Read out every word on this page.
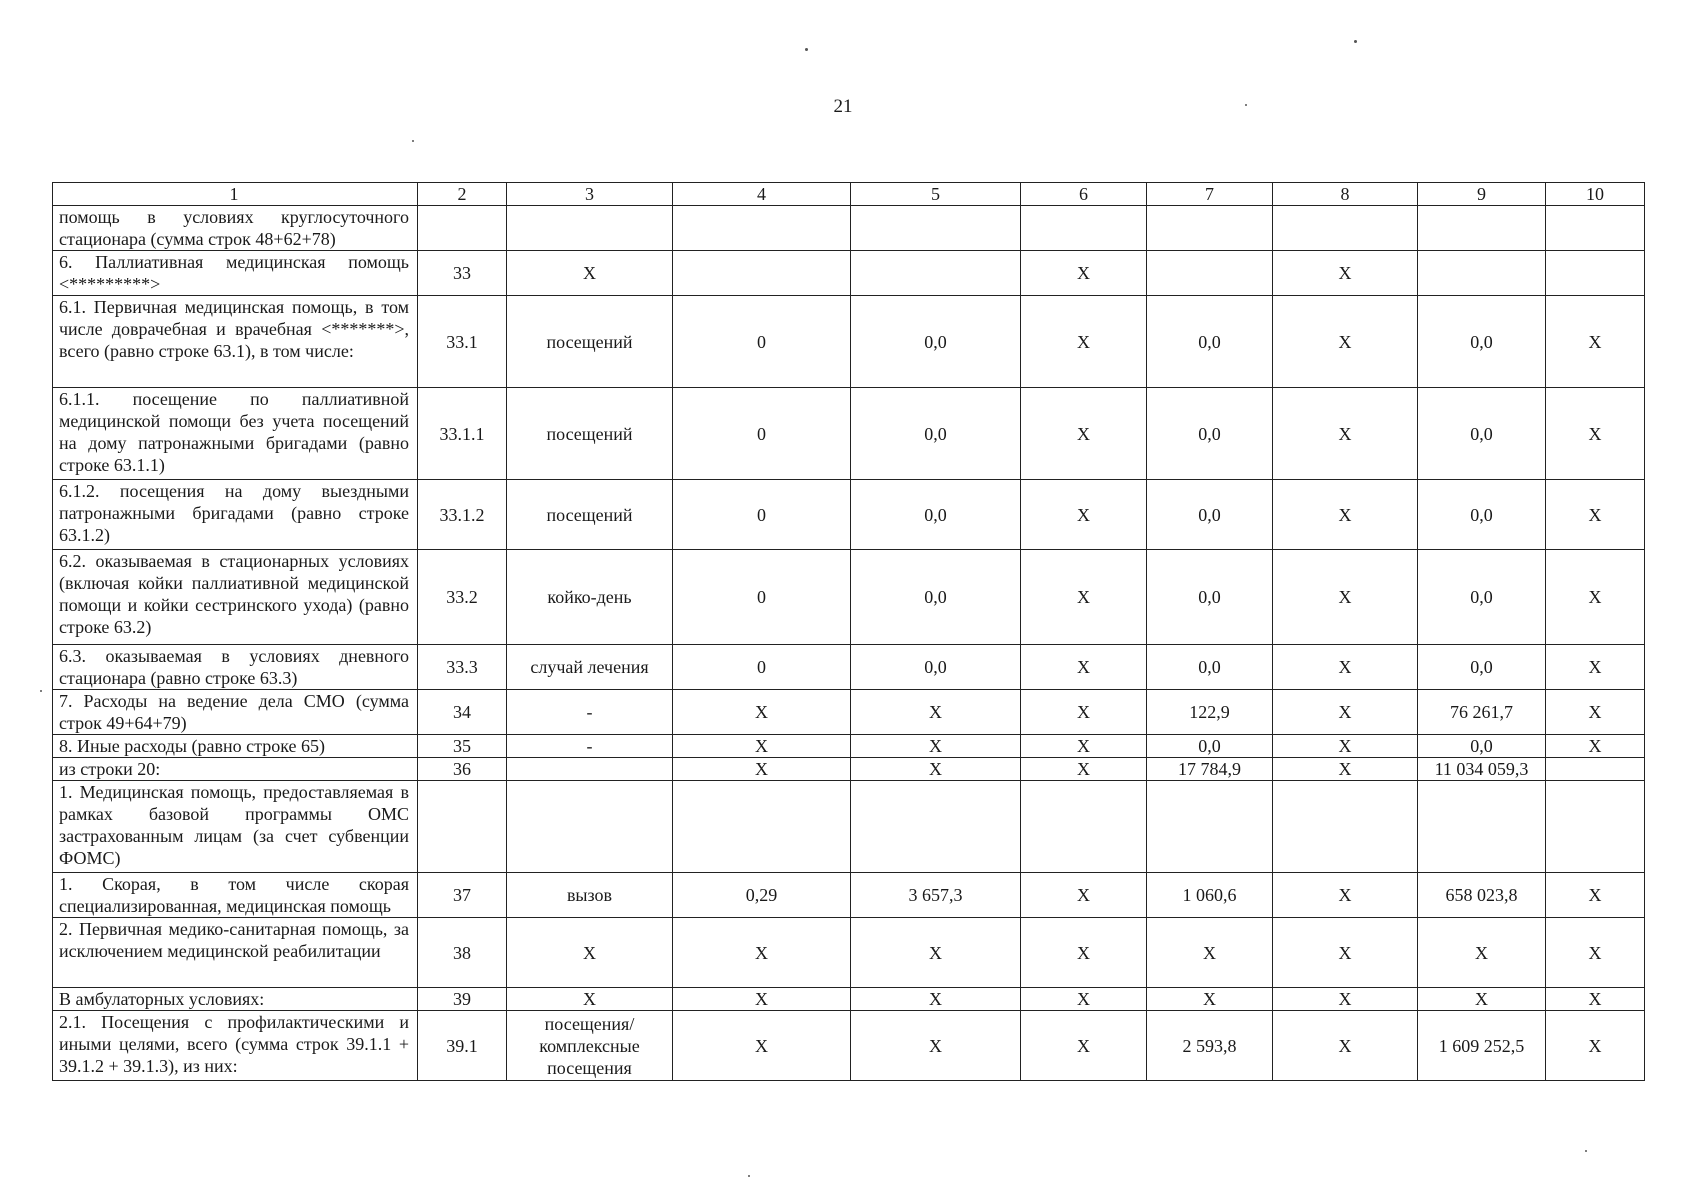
21
1	2	3	4	5	6	7	8	9	10
помощь в условиях круглосуточного стационара (сумма строк 48+62+78)									
6. Паллиативная медицинская помощь <*********>	33	Х			Х		Х		
6.1. Первичная медицинская помощь, в том числе доврачебная и врачебная <*******>, всего (равно строке 63.1), в том числе:	33.1	посещений	0	0,0	Х	0,0	Х	0,0	Х
6.1.1. посещение по паллиативной медицинской помощи без учета посещений на дому патронажными бригадами (равно строке 63.1.1)	33.1.1	посещений	0	0,0	Х	0,0	Х	0,0	Х
6.1.2. посещения на дому выездными патронажными бригадами (равно строке 63.1.2)	33.1.2	посещений	0	0,0	Х	0,0	Х	0,0	Х
6.2. оказываемая в стационарных условиях (включая койки паллиативной медицинской помощи и койки сестринского ухода) (равно строке 63.2)	33.2	койко-день	0	0,0	Х	0,0	Х	0,0	Х
6.3. оказываемая в условиях дневного стационара (равно строке 63.3)	33.3	случай лечения	0	0,0	Х	0,0	Х	0,0	Х
7. Расходы на ведение дела СМО (сумма строк 49+64+79)	34	-	Х	Х	Х	122,9	Х	76 261,7	Х
8. Иные расходы (равно строке 65)	35	-	Х	Х	Х	0,0	Х	0,0	Х
из строки 20:	36		Х	Х	Х	17 784,9	Х	11 034 059,3	
1. Медицинская помощь, предоставляемая в рамках базовой программы ОМС застрахованным лицам (за счет субвенции ФОМС)									
1. Скорая, в том числе скорая специализированная, медицинская помощь	37	вызов	0,29	3 657,3	Х	1 060,6	Х	658 023,8	Х
2. Первичная медико-санитарная помощь, за исключением медицинской реабилитации	38	Х	Х	Х	Х	Х	Х	Х	Х
В амбулаторных условиях:	39	Х	Х	Х	Х	Х	Х	Х	Х
2.1. Посещения с профилактическими и иными целями, всего (сумма строк 39.1.1 + 39.1.2 + 39.1.3), из них:	39.1	посещения/комплексные посещения	Х	Х	Х	2 593,8	Х	1 609 252,5	Х
